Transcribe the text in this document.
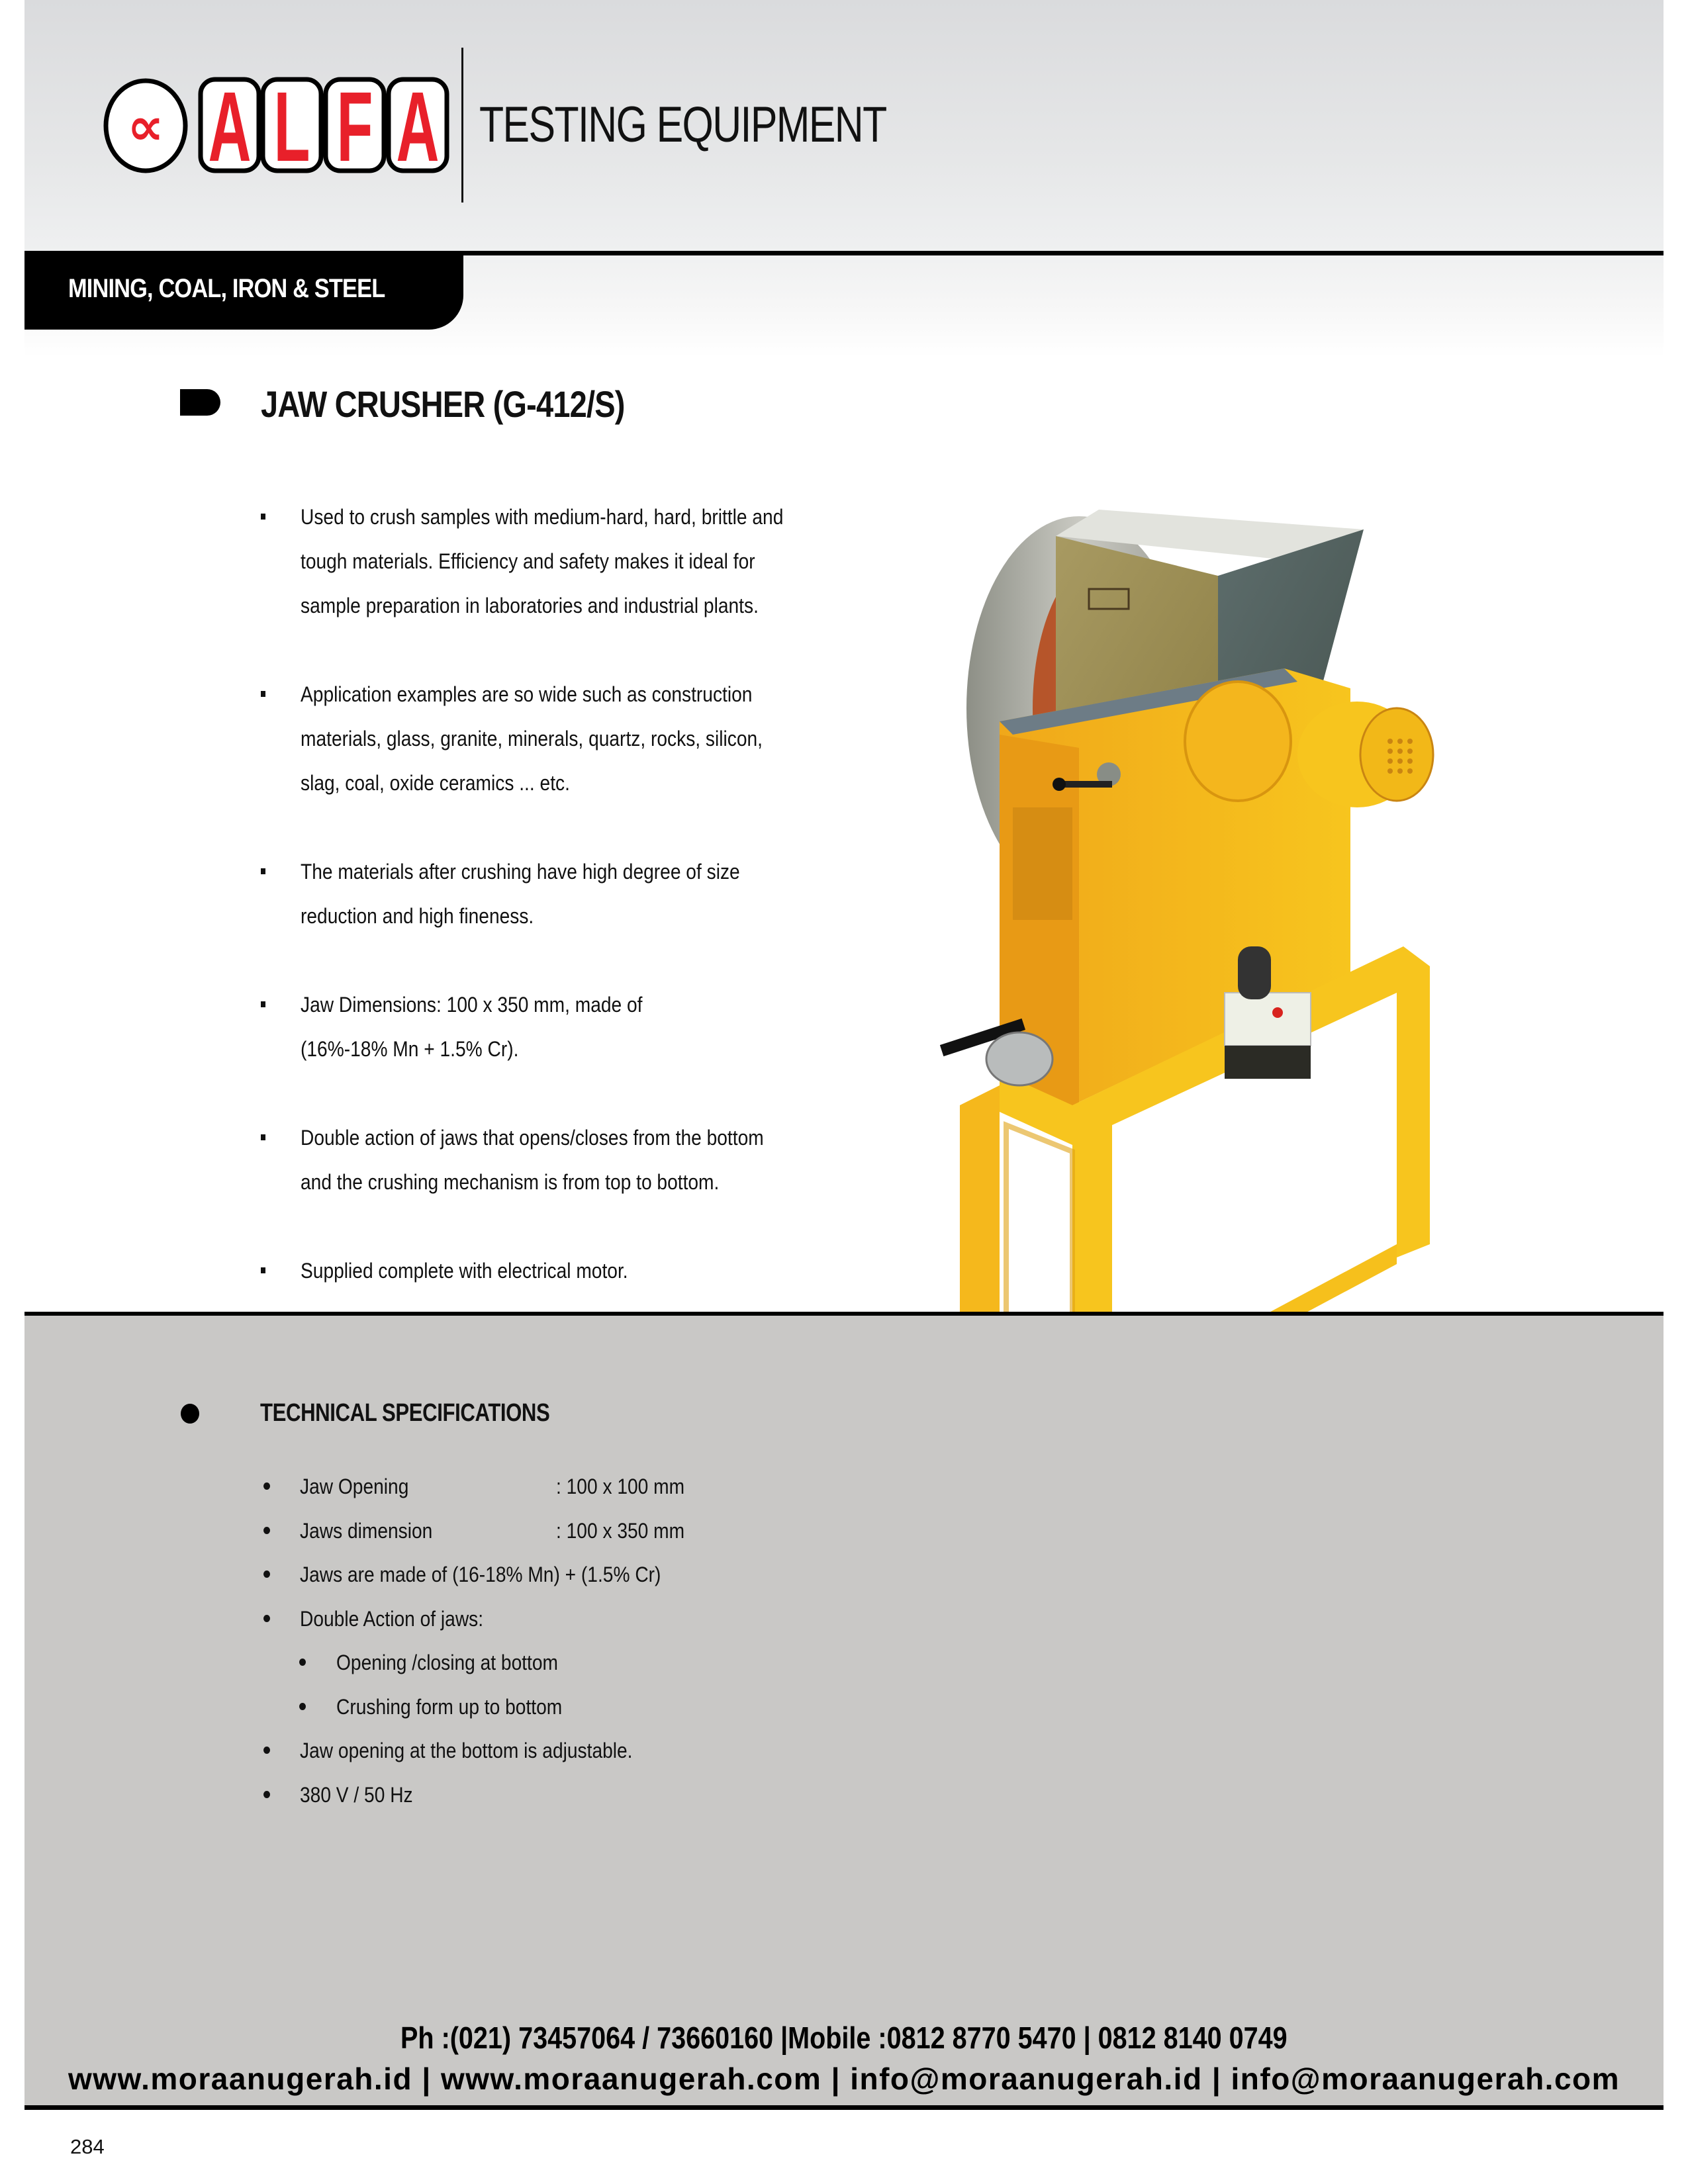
∝ A L F A TESTING EQUIPMENT
MINING, COAL, IRON & STEEL
JAW CRUSHER (G-412/S)
Used to crush samples with medium-hard, hard, brittle and
tough materials. Efficiency and safety makes it ideal for
sample preparation in laboratories and industrial plants.
Application examples are so wide such as construction
materials, glass, granite, minerals, quartz, rocks, silicon,
slag, coal, oxide ceramics ... etc.
The materials after crushing have high degree of size
reduction and high fineness.
Jaw Dimensions: 100 x 350 mm, made of
(16%-18% Mn + 1.5% Cr).
Double action of jaws that opens/closes from the bottom
and the crushing mechanism is from top to bottom.
Supplied complete with electrical motor.
TECHNICAL SPECIFICATIONS
Jaw Opening	: 100 x 100 mm
Jaws dimension	: 100 x 350 mm
Jaws are made of (16-18% Mn) + (1.5% Cr)
Double Action of jaws:
Opening /closing at bottom
Crushing form up to bottom
Jaw opening at the bottom is adjustable.
380 V / 50 Hz
Ph :(021) 73457064 / 73660160 |Mobile :0812 8770 5470 | 0812 8140 0749
www.moraanugerah.id | www.moraanugerah.com | info@moraanugerah.id | info@moraanugerah.com
284
